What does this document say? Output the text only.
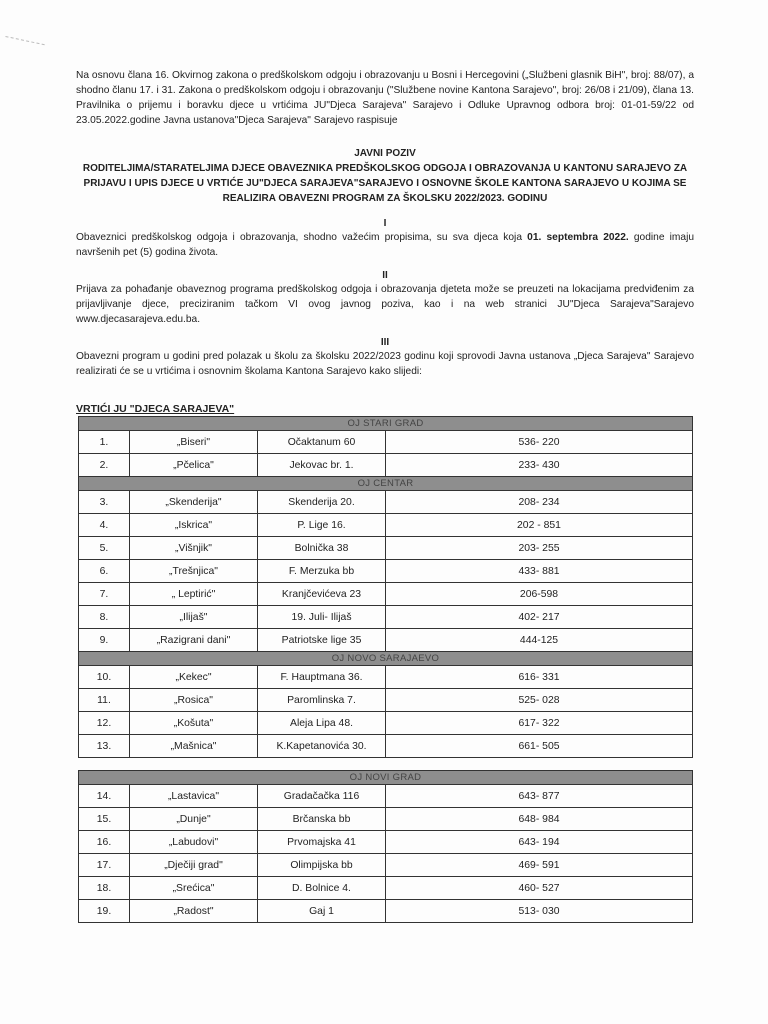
Na osnovu člana 16. Okvirnog zakona o predškolskom odgoju i obrazovanju u Bosni i Hercegovini („Službeni glasnik BiH", broj: 88/07), a shodno članu 17. i 31. Zakona o predškolskom odgoju i obrazovanju ("Službene novine Kantona Sarajevo", broj: 26/08 i 21/09), člana 13. Pravilnika o prijemu i boravku djece u vrtićima JU"Djeca Sarajeva" Sarajevo i Odluke Upravnog odbora broj: 01-01-59/22 od 23.05.2022.godine Javna ustanova"Djeca Sarajeva" Sarajevo raspisuje
JAVNI POZIV
RODITELJIMA/STARATELJIMA DJECE OBAVEZNIKA PREDŠKOLSKOG ODGOJA I OBRAZOVANJA U KANTONU SARAJEVO ZA PRIJAVU I UPIS DJECE U VRTIĆE JU"DJECA SARAJEVA"SARAJEVO I OSNOVNE ŠKOLE KANTONA SARAJEVO U KOJIMA SE REALIZIRA OBAVEZNI PROGRAM ZA ŠKOLSKU 2022/2023. GODINU
I
Obaveznici predškolskog odgoja i obrazovanja, shodno važećim propisima, su sva djeca koja 01. septembra 2022. godine imaju navršenih pet (5) godina života.
II
Prijava za pohađanje obaveznog programa predškolskog odgoja i obrazovanja djeteta može se preuzeti na lokacijama predviđenim za prijavljivanje djece, preciziranim tačkom VI ovog javnog poziva, kao i na web stranici JU"Djeca Sarajeva"Sarajevo www.djecasarajeva.edu.ba.
III
Obavezni program u godini pred polazak u školu za školsku 2022/2023 godinu koji sprovodi Javna ustanova „Djeca Sarajeva" Sarajevo realizirati će se u vrtićima i osnovnim školama Kantona Sarajevo kako slijedi:
VRTIĆI JU "DJECA SARAJEVA"
OJ STARI GRAD			
1.	„Biseri"	Očaktanum 60	536- 220
2.	„Pčelica"	Jekovac br. 1.	233- 430
OJ CENTAR			
3.	„Skenderija"	Skenderija 20.	208- 234
4.	„Iskrica"	P. Lige 16.	202 - 851
5.	„Višnjik"	Bolnička 38	203- 255
6.	„Trešnjica"	F. Merzuka bb	433- 881
7.	„ Leptirić"	Kranjčevićeva 23	206-598
8.	„Ilijaš"	19. Juli- Ilijaš	402- 217
9.	„Razigrani dani"	Patriotske lige 35	444-125
OJ NOVO SARAJAEVO			
10.	„Kekec"	F. Hauptmana 36.	616- 331
11.	„Rosica"	Paromlinska 7.	525- 028
12.	„Košuta"	Aleja Lipa 48.	617- 322
13.	„Mašnica"	K.Kapetanovića 30.	661- 505

OJ NOVI GRAD			
14.	„Lastavica"	Gradačačka 116	643- 877
15.	„Dunje"	Brčanska bb	648- 984
16.	„Labudovi"	Prvomajska 41	643- 194
17.	„Dječiji grad"	Olimpijska bb	469- 591
18.	„Srećica"	D. Bolnice 4.	460- 527
19.	„Radost"	Gaj 1	513- 030
